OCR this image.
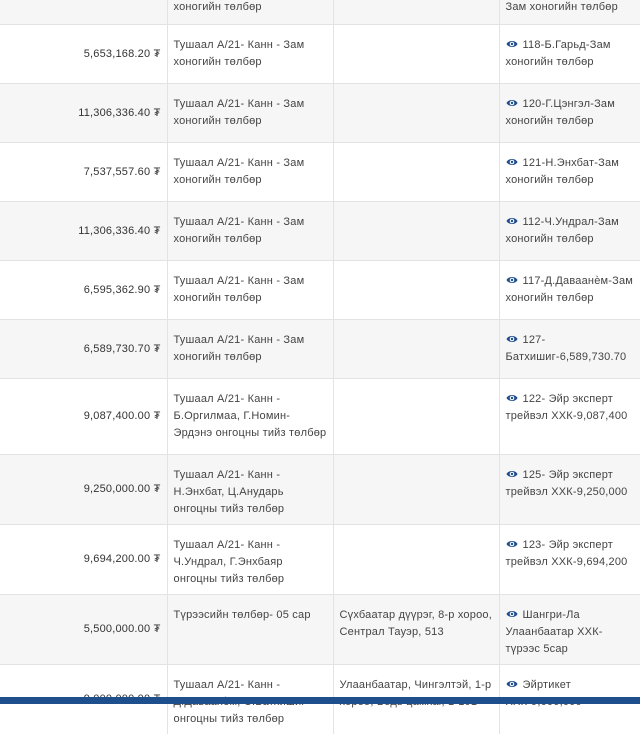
	хоногийн төлбөр		Зам хоногийн төлбөр
5,653,168.20 ₮	Тушаал А/21- Канн - Зам хоногийн төлбөр		118-Б.Гарьд-Зам хоногийн төлбөр
11,306,336.40 ₮	Тушаал А/21- Канн - Зам хоногийн төлбөр		120-Г.Цэнгэл-Зам хоногийн төлбөр
7,537,557.60 ₮	Тушаал А/21- Канн - Зам хоногийн төлбөр		121-Н.Энхбат-Зам хоногийн төлбөр
11,306,336.40 ₮	Тушаал А/21- Канн - Зам хоногийн төлбөр		112-Ч.Ундрал-Зам хоногийн төлбөр
6,595,362.90 ₮	Тушаал А/21- Канн - Зам хоногийн төлбөр		117-Д.Даваанѐм-Зам хоногийн төлбөр
6,589,730.70 ₮	Тушаал А/21- Канн - Зам хоногийн төлбөр		127- Батхишиг-6,589,730.70
9,087,400.00 ₮	Тушаал А/21- Канн - Б.Оргилмаа, Г.Номин-Эрдэнэ онгоцны тийз төлбөр		122- Эйр эксперт трейвэл ХХК-9,087,400
9,250,000.00 ₮	Тушаал А/21- Канн - Н.Энхбат, Ц.Анударь онгоцны тийз төлбөр		125- Эйр эксперт трейвэл ХХК-9,250,000
9,694,200.00 ₮	Тушаал А/21- Канн - Ч.Ундрал, Г.Энхбаяр онгоцны тийз төлбөр		123- Эйр эксперт трейвэл ХХК-9,694,200
5,500,000.00 ₮	Түрээсийн төлбөр- 05 сар	Сүхбаатар дүүрэг, 8-р хороо, Сентрал Тауэр, 513	Шангри-Ла Улаанбаатар ХХК-түрээс 5сар
	Тушаал А/21- Канн - онгоцны тийз төлбөр	Улаанбаатар, Чингэлтэй, 1-р	Эйртикет
